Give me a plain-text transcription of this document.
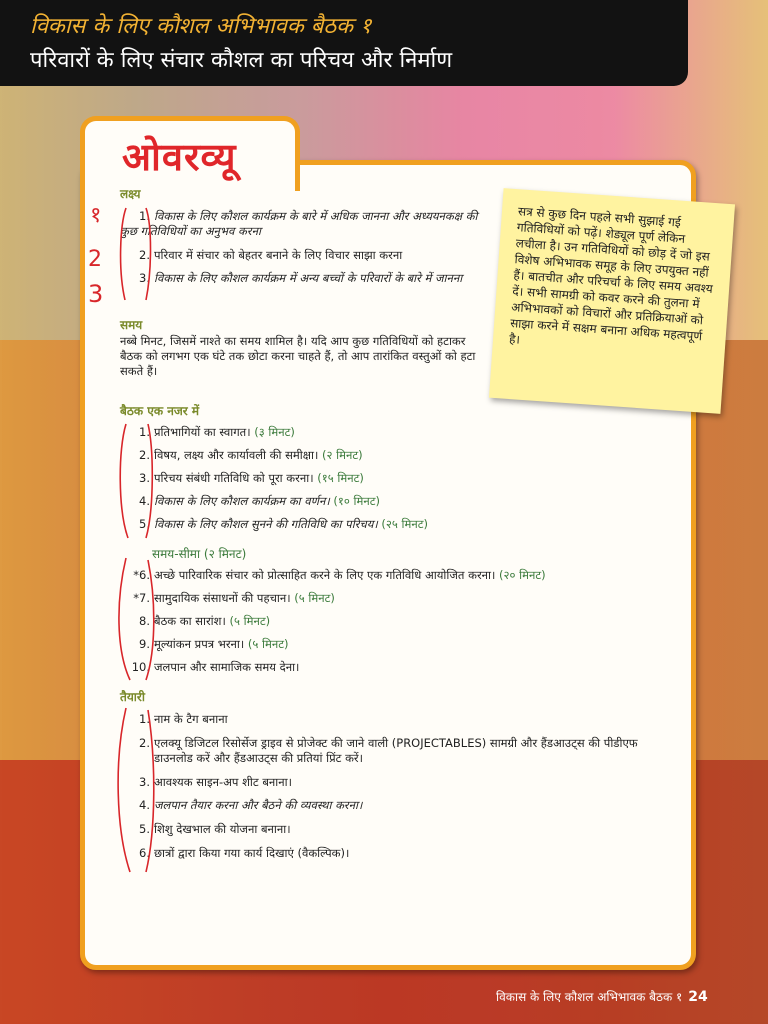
विकास के लिए कौशल अभिभावक बैठक १
परिवारों के लिए संचार कौशल का परिचय और निर्माण
ओवरव्यू
लक्ष्य
1. विकास के लिए कौशल कार्यक्रम के बारे में अधिक जानना और अध्ययनकक्ष की कुछ गतिविधियों का अनुभव करना
2. परिवार में संचार को बेहतर बनाने के लिए विचार साझा करना
3. विकास के लिए कौशल कार्यक्रम में अन्य बच्चों के परिवारों के बारे में जानना
समय
नब्बे मिनट, जिसमें नाश्ते का समय शामिल है। यदि आप कुछ गतिविधियों को हटाकर बैठक को लगभग एक घंटे तक छोटा करना चाहते हैं, तो आप तारांकित वस्तुओं को हटा सकते हैं।
बैठक एक नजर में
1. प्रतिभागियों का स्वागत। (३ मिनट)
2. विषय, लक्ष्य और कार्यावली की समीक्षा। (२ मिनट)
3. परिचय संबंधी गतिविधि को पूरा करना। (१५ मिनट)
4. विकास के लिए कौशल कार्यक्रम का वर्णन। (१० मिनट)
5. विकास के लिए कौशल सुनने की गतिविधि का परिचय। (२५ मिनट)
समय-सीमा (२ मिनट)
*6. अच्छे पारिवारिक संचार को प्रोत्साहित करने के लिए एक गतिविधि आयोजित करना। (२० मिनट)
*7. सामुदायिक संसाधनों की पहचान। (५ मिनट)
8. बैठक का सारांश। (५ मिनट)
9. मूल्यांकन प्रपत्र भरना। (५ मिनट)
10. जलपान और सामाजिक समय देना।
तैयारी
1. नाम के टैग बनाना
2. एलक्यू डिजिटल रिसोर्सेज ड्राइव से प्रोजेक्ट की जाने वाली (PROJECTABLES) सामग्री और हैंडआउट्स की पीडीएफ डाउनलोड करें और हैंडआउट्स की प्रतियां प्रिंट करें।
3. आवश्यक साइन-अप शीट बनाना।
4. जलपान तैयार करना और बैठने की व्यवस्था करना।
5. शिशु देखभाल की योजना बनाना।
6. छात्रों द्वारा किया गया कार्य दिखाएं (वैकल्पिक)।
सत्र से कुछ दिन पहले सभी सुझाई गई गतिविधियों को पढ़ें। शेड्यूल पूर्ण लेकिन लचीला है। उन गतिविधियों को छोड़ दें जो इस विशेष अभिभावक समूह के लिए उपयुक्त नहीं हैं। बातचीत और परिचर्चा के लिए समय अवश्य दें। सभी सामग्री को कवर करने की तुलना में अभिभावकों को विचारों और प्रतिक्रियाओं को साझा करने में सक्षम बनाना अधिक महत्वपूर्ण है।
१
2
3
विकास के लिए कौशल अभिभावक बैठक १ 24
